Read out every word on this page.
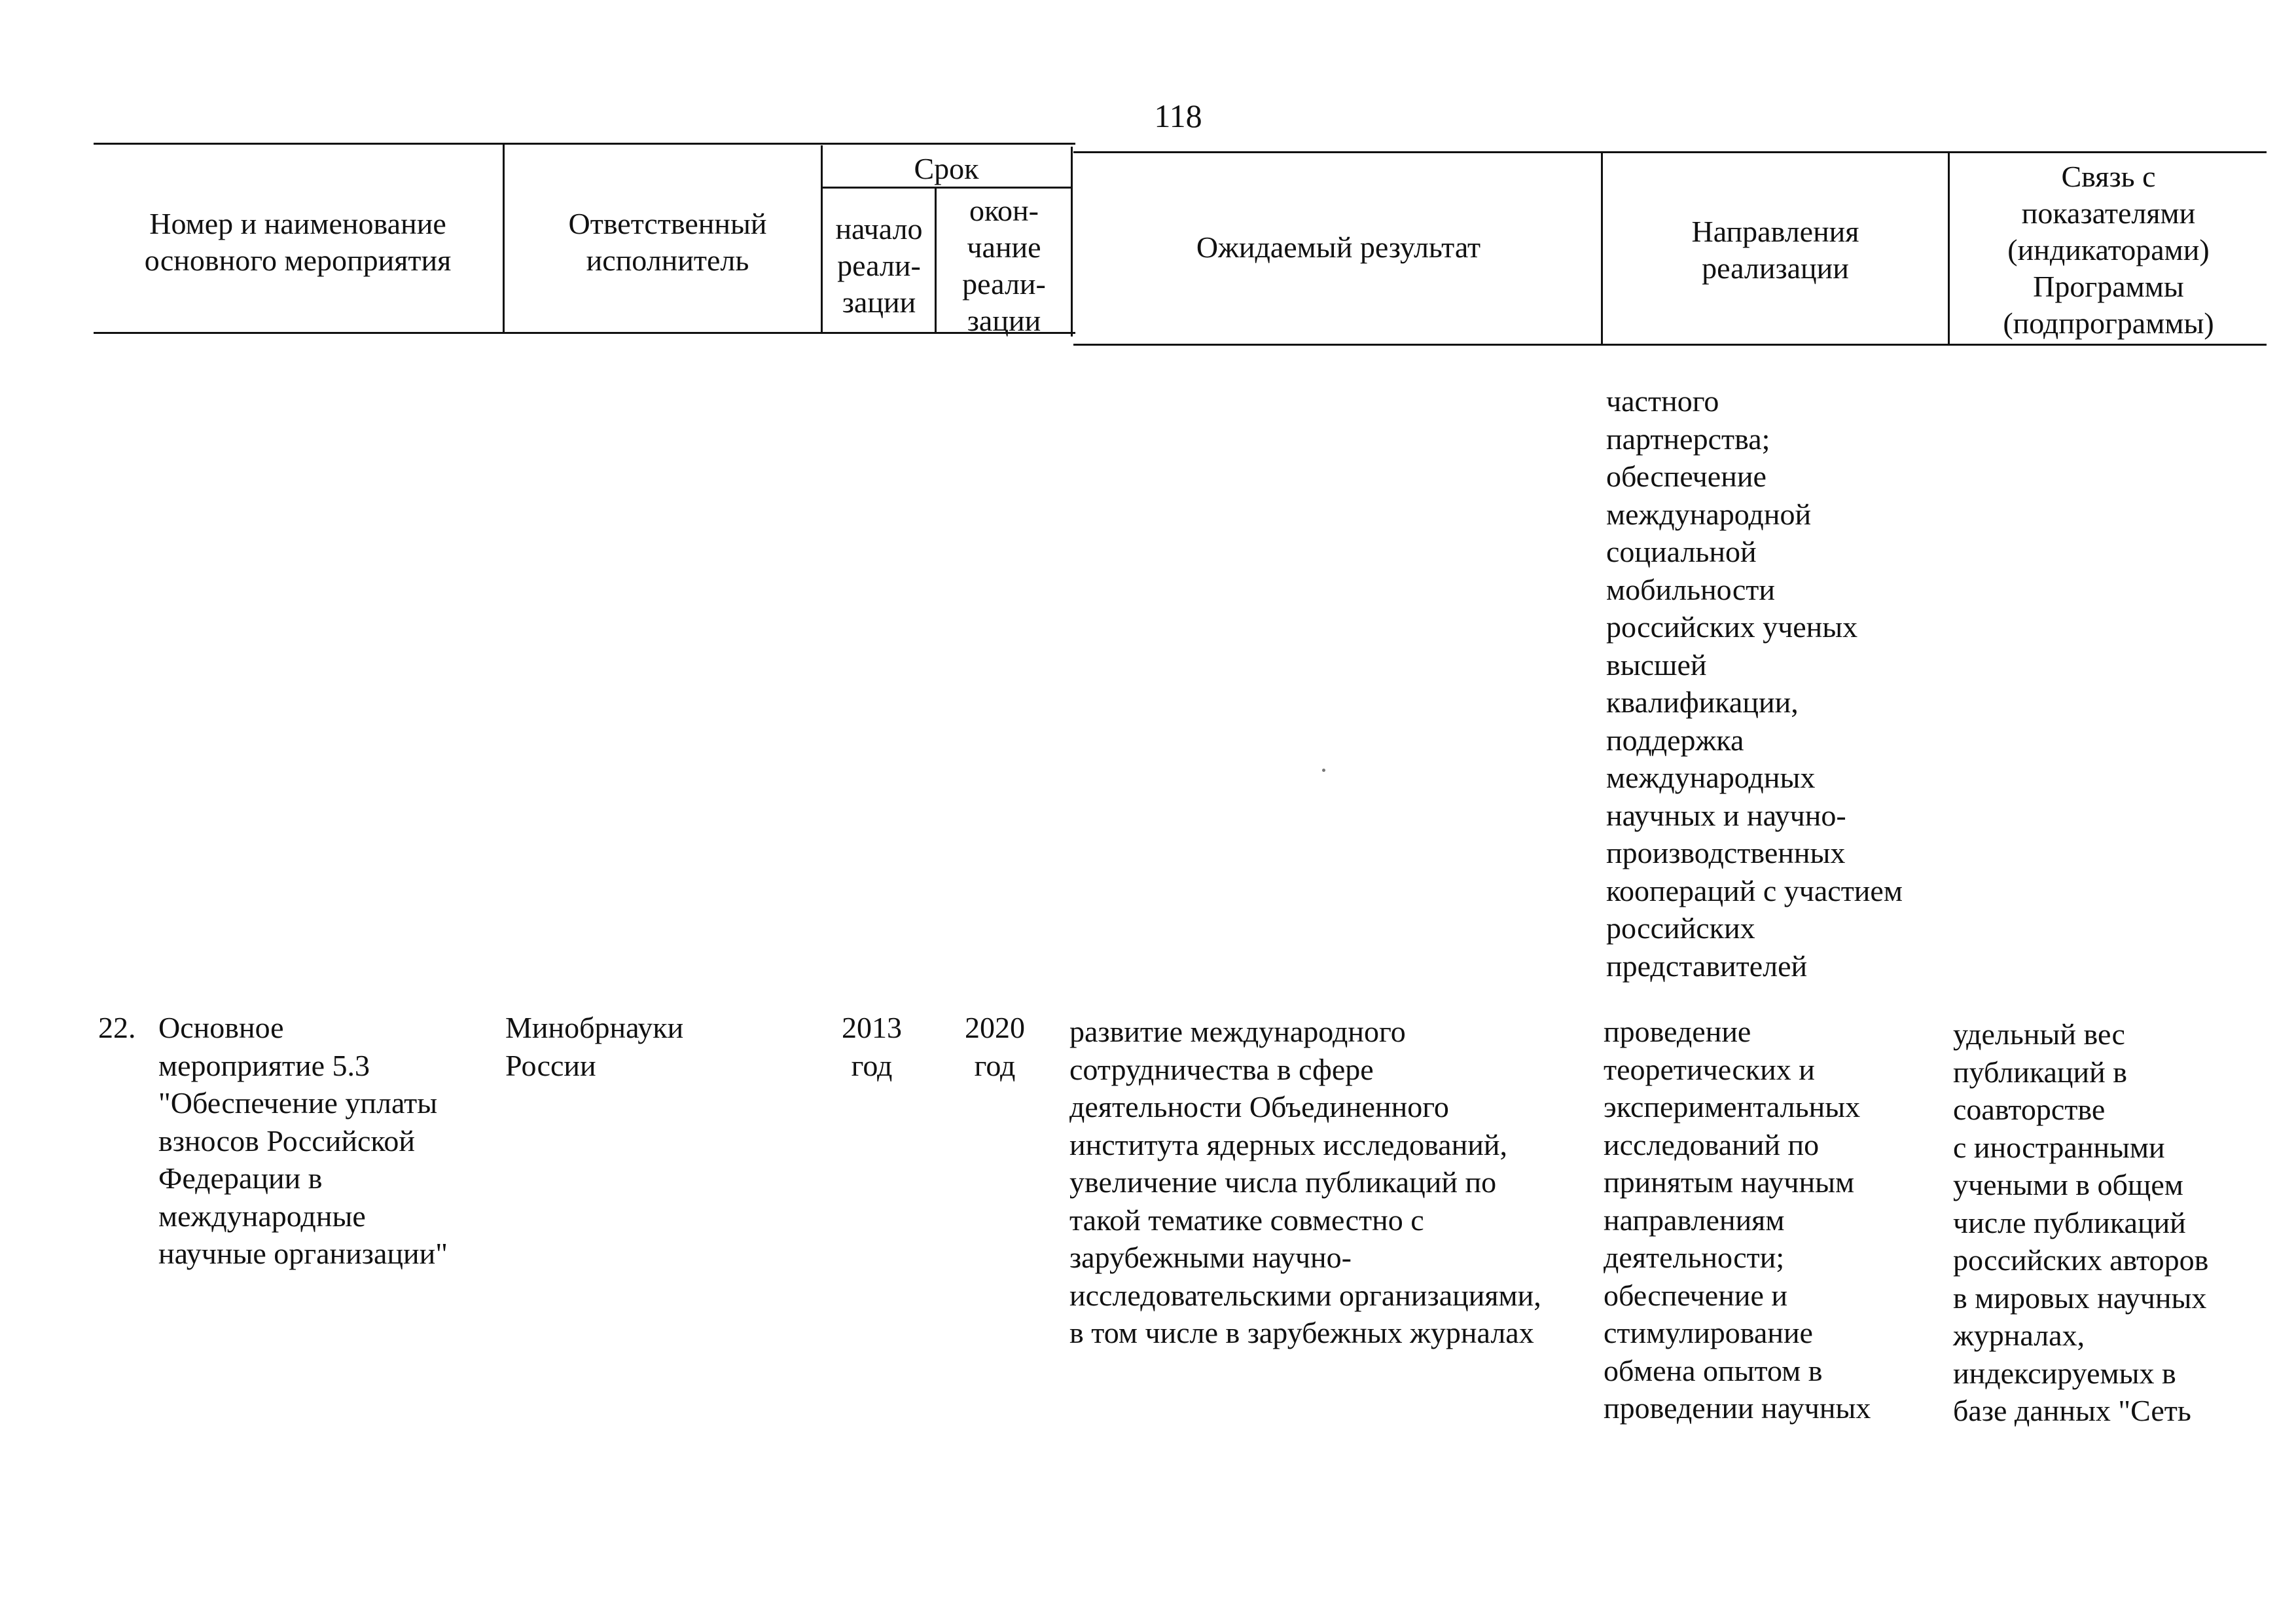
118
Номер и наименование основного мероприятия
Ответственный исполнитель
Срок
начало
реали-
зации
окон-
чание
реали-
зации
Ожидаемый результат	Направления
реализации
Связь с
показателями
(индикаторами)
Программы
(подпрограммы)
частного
партнерства;
обеспечение
международной
социальной
мобильности
российских ученых
высшей
квалификации,
поддержка
международных
научных и научно-
производственных
коопераций с участием
российских
представителей
22. Основное
мероприятие 5.3
"Обеспечение уплаты
взносов Российской
Федерации в
международные
научные организации"
Минобрнауки
России
2013
год
2020
год
развитие международного
сотрудничества в сфере
деятельности Объединенного
института ядерных исследований,
увеличение числа публикаций по
такой тематике совместно с
зарубежными научно-
исследовательскими организациями,
в том числе в зарубежных журналах
проведение
теоретических и
экспериментальных
исследований по
принятым научным
направлениям
деятельности;
обеспечение и
стимулирование
обмена опытом в
проведении научных
удельный вес
публикаций в
соавторстве
с иностранными
учеными в общем
числе публикаций
российских авторов
в мировых научных
журналах,
индексируемых в
базе данных "Сеть
